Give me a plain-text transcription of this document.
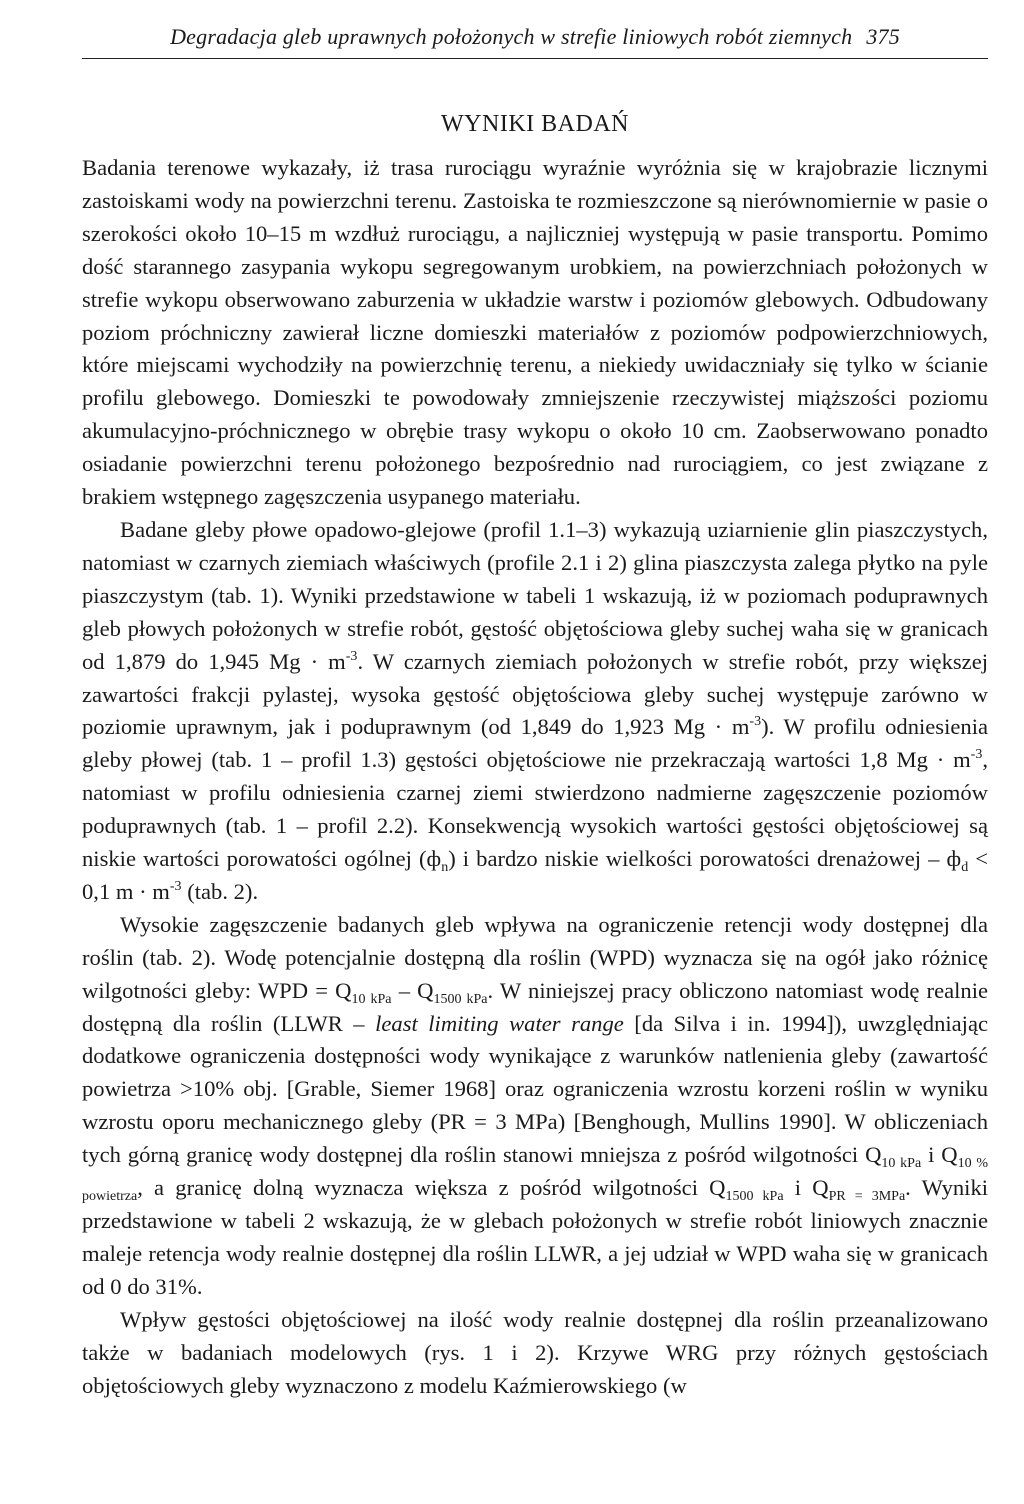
Degradacja gleb uprawnych położonych w strefie liniowych robót ziemnych 375
WYNIKI BADAŃ

Badania terenowe wykazały, iż trasa rurociągu wyraźnie wyróżnia się w krajobrazie licznymi zastoiskami wody na powierzchni terenu. Zastoiska te rozmieszczone są nierównomiernie w pasie o szerokości około 10–15 m wzdłuż rurociągu, a najliczniej występują w pasie transportu. Pomimo dość starannego zasypania wykopu segregowanym urobkiem, na powierzchniach położonych w strefie wykopu obserwowano zaburzenia w układzie warstw i poziomów glebowych. Odbudowany poziom próchniczny zawierał liczne domieszki materiałów z poziomów podpowierzchniowych, które miejscami wychodziły na powierzchnię terenu, a niekiedy uwidaczniały się tylko w ścianie profilu glebowego. Domieszki te powodowały zmniejszenie rzeczywistej miąższości poziomu akumulacyjno-próchnicznego w obrębie trasy wykopu o około 10 cm. Zaobserwowano ponadto osiadanie powierzchni terenu położonego bezpośrednio nad rurociągiem, co jest związane z brakiem wstępnego zagęszczenia usypanego materiału.

Badane gleby płowe opadowo-glejowe (profil 1.1–3) wykazują uziarnienie glin piaszczystych, natomiast w czarnych ziemiach właściwych (profile 2.1 i 2) glina piaszczysta zalega płytko na pyle piaszczystym (tab. 1). Wyniki przedstawione w tabeli 1 wskazują, iż w poziomach poduprawnych gleb płowych położonych w strefie robót, gęstość objętościowa gleby suchej waha się w granicach od 1,879 do 1,945 $Mg \cdot m^{-3}$. W czarnych ziemiach położonych w strefie robót, przy większej zawartości frakcji pylastej, wysoka gęstość objętościowa gleby suchej występuje zarówno w poziomie uprawnym, jak i poduprawnym (od 1,849 do 1,923 $Mg \cdot m^{-3}$). W profilu odniesienia gleby płowej (tab. 1 – profil 1.3) gęstości objętościowe nie przekraczają wartości 1,8 $Mg \cdot m^{-3}$, natomiast w profilu odniesienia czarnej ziemi stwierdzono nadmierne zagęszczenie poziomów poduprawnych (tab. 1 – profil 2.2). Konsekwencją wysokich wartości gęstości objętościowej są niskie wartości porowatości ogólnej $(ф_n)$ i bardzo niskie wielkości porowatości drenażowej – $ф_d < 0,1$ $m \cdot m^{-3}$ (tab. 2).

Wysokie zagęszczenie badanych gleb wpływa na ograniczenie retencji wody dostępnej dla roślin (tab. 2). Wodę potencjalnie dostępną dla roślin (WPD) wyznacza się na ogół jako różnicę wilgotności gleby: WPD = $Q_{10 kPa} - Q_{1500 kPa}$. W niniejszej pracy obliczono natomiast wodę realnie dostępną dla roślin (LLWR – least limiting water range [da Silva i in. 1994]), uwzględniając dodatkowe ograniczenia dostępności wody wynikające z warunków natlenienia gleby (zawartość powietrza >10% obj. [Grable, Siemer 1968] oraz ograniczenia wzrostu korzeni roślin w wyniku wzrostu oporu mechanicznego gleby (PR = 3 MPa) [Benghough, Mullins 1990]. W obliczeniach tych górną granicę wody dostępnej dla roślin stanowi mniejsza z pośród wilgotności $Q_{10 kPa}$ i $Q_{10 \% powietrza}$, a granicę dolną wyznacza większa z pośród wilgotności $Q_{1500 kPa}$ i $Q_{PR = 3MPa}$. Wyniki przedstawione w tabeli 2 wskazują, że w glebach położonych w strefie robót liniowych znacznie maleje retencja wody realnie dostępnej dla roślin LLWR, a jej udział w WPD waha się w granicach od 0 do 31%.

Wpływ gęstości objętościowej na ilość wody realnie dostępnej dla roślin przeanalizowano także w badaniach modelowych (rys. 1 i 2). Krzywe WRG przy różnych gęstościach objętościowych gleby wyznaczono z modelu Kaźmierowskiego (w
